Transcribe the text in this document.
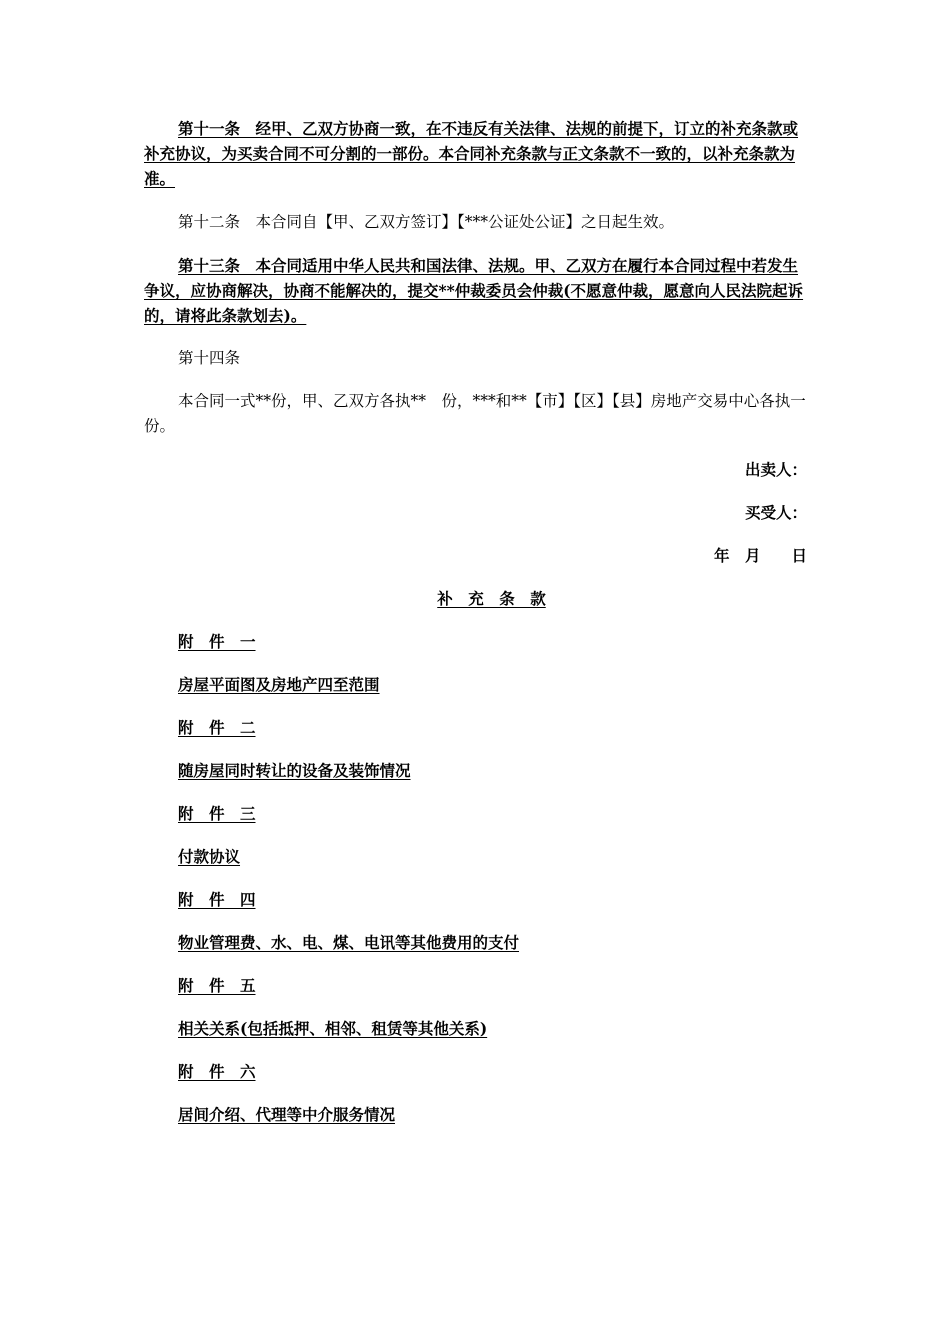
第十一条　经甲、乙双方协商一致，在不违反有关法律、法规的前提下，订立的补充条款或补充协议，为买卖合同不可分割的一部份。本合同补充条款与正文条款不一致的，以补充条款为准。

第十二条　本合同自【甲、乙双方签订】【***公证处公证】之日起生效。

第十三条　本合同适用中华人民共和国法律、法规。甲、乙双方在履行本合同过程中若发生争议，应协商解决，协商不能解决的，提交**仲裁委员会仲裁(不愿意仲裁，愿意向人民法院起诉的，请将此条款划去)。

第十四条

本合同一式**份，甲、乙双方各执**　份，***和**【市】【区】【县】房地产交易中心各执一份。

出卖人：
买受人：
年　月　　日
补　充　条　款
附　件　一
房屋平面图及房地产四至范围
附　件　二
随房屋同时转让的设备及装饰情况
附　件　三
付款协议
附　件　四
物业管理费、水、电、煤、电讯等其他费用的支付
附　件　五
相关关系(包括抵押、相邻、租赁等其他关系)
附　件　六
居间介绍、代理等中介服务情况
